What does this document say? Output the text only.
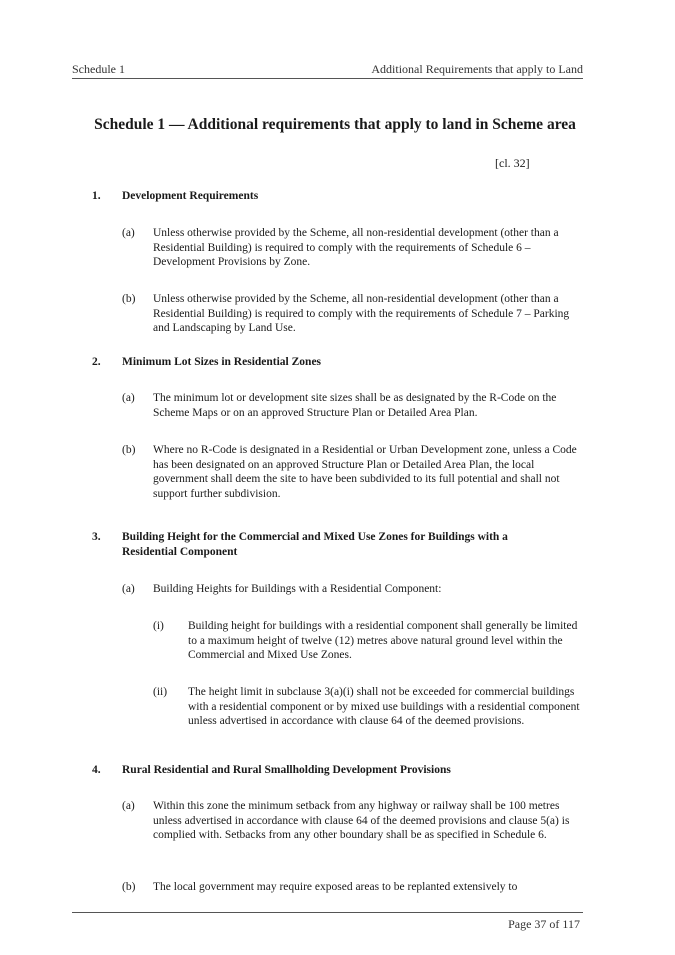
Schedule 1	Additional Requirements that apply to Land
Schedule 1 — Additional requirements that apply to land in Scheme area
[cl. 32]
1. Development Requirements
(a) Unless otherwise provided by the Scheme, all non-residential development (other than a Residential Building) is required to comply with the requirements of Schedule 6 – Development Provisions by Zone.
(b) Unless otherwise provided by the Scheme, all non-residential development (other than a Residential Building) is required to comply with the requirements of Schedule 7 – Parking and Landscaping by Land Use.
2. Minimum Lot Sizes in Residential Zones
(a) The minimum lot or development site sizes shall be as designated by the R-Code on the Scheme Maps or on an approved Structure Plan or Detailed Area Plan.
(b) Where no R-Code is designated in a Residential or Urban Development zone, unless a Code has been designated on an approved Structure Plan or Detailed Area Plan, the local government shall deem the site to have been subdivided to its full potential and shall not support further subdivision.
3. Building Height for the Commercial and Mixed Use Zones for Buildings with a Residential Component
(a) Building Heights for Buildings with a Residential Component:
(i) Building height for buildings with a residential component shall generally be limited to a maximum height of twelve (12) metres above natural ground level within the Commercial and Mixed Use Zones.
(ii) The height limit in subclause 3(a)(i) shall not be exceeded for commercial buildings with a residential component or by mixed use buildings with a residential component unless advertised in accordance with clause 64 of the deemed provisions.
4. Rural Residential and Rural Smallholding Development Provisions
(a) Within this zone the minimum setback from any highway or railway shall be 100 metres unless advertised in accordance with clause 64 of the deemed provisions and clause 5(a) is complied with. Setbacks from any other boundary shall be as specified in Schedule 6.
(b) The local government may require exposed areas to be replanted extensively to
Page 37 of 117
